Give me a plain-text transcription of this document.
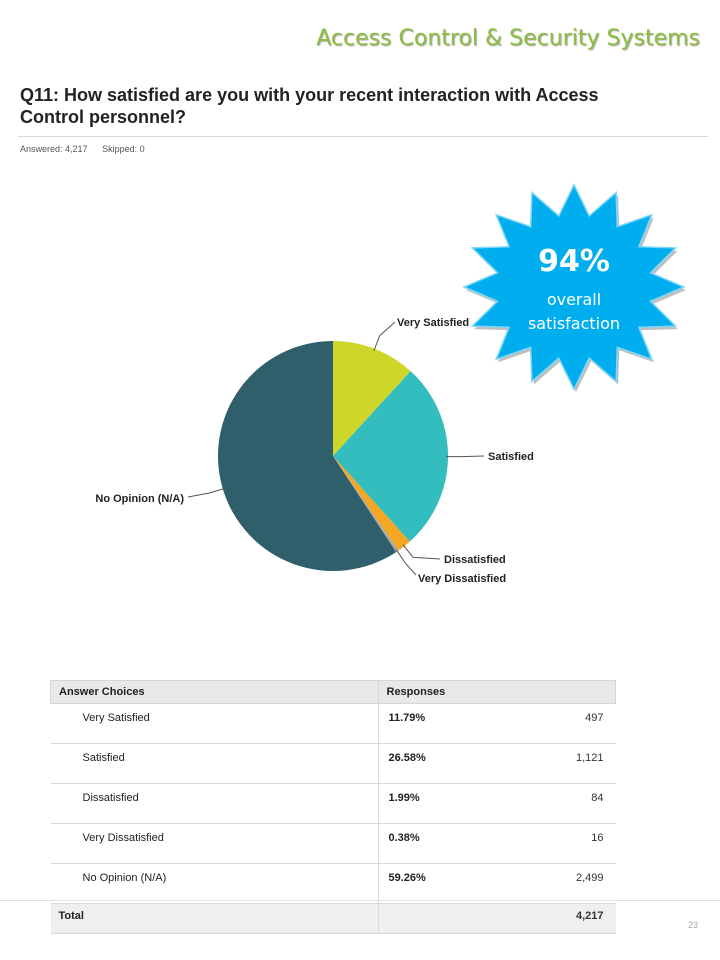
Access Control & Security Systems
Q11: How satisfied are you with your recent interaction with Access Control personnel?
Answered: 4,217 Skipped: 0
Very Satisfied
Satisfied
Dissatisfied
Very Dissatisfied
No Opinion (N/A)
94%
overall
satisfaction
Answer Choices	Responses	
Very Satisfied	11.79%	497
Satisfied	26.58%	1,121
Dissatisfied	1.99%	84
Very Dissatisfied	0.38%	16
No Opinion (N/A)	59.26%	2,499
Total		4,217
23
